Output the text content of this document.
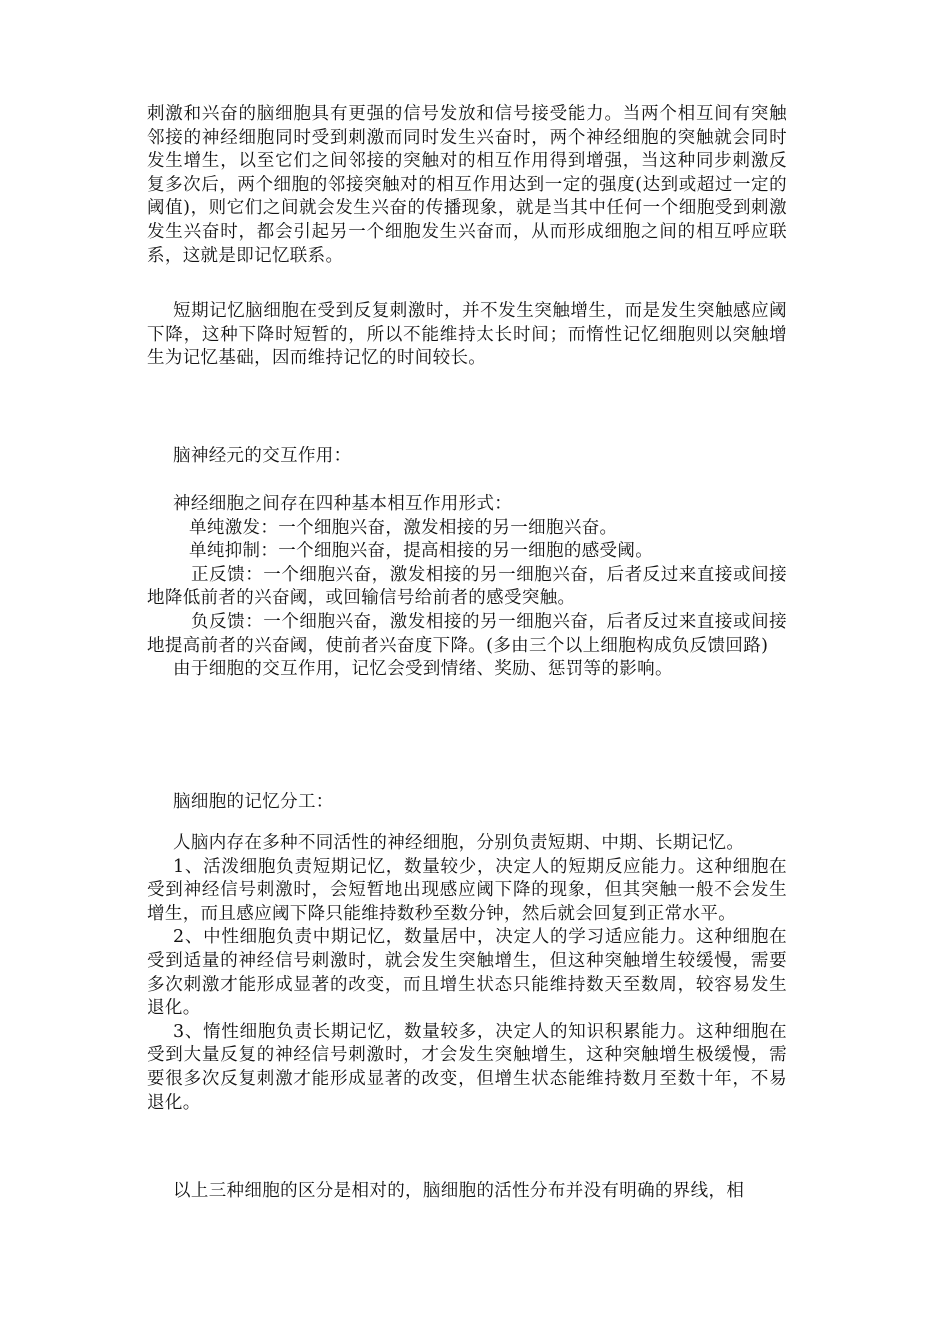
刺激和兴奋的脑细胞具有更强的信号发放和信号接受能力。当两个相互间有突触邻接的神经细胞同时受到刺激而同时发生兴奋时，两个神经细胞的突触就会同时发生增生，以至它们之间邻接的突触对的相互作用得到增强，当这种同步刺激反复多次后，两个细胞的邻接突触对的相互作用达到一定的强度(达到或超过一定的阈值)，则它们之间就会发生兴奋的传播现象，就是当其中任何一个细胞受到刺激发生兴奋时，都会引起另一个细胞发生兴奋而，从而形成细胞之间的相互呼应联系，这就是即记忆联系。

短期记忆脑细胞在受到反复刺激时，并不发生突触增生，而是发生突触感应阈下降，这种下降时短暂的，所以不能维持太长时间；而惰性记忆细胞则以突触增生为记忆基础，因而维持记忆的时间较长。

脑神经元的交互作用：

神经细胞之间存在四种基本相互作用形式：

单纯激发：一个细胞兴奋，激发相接的另一细胞兴奋。

单纯抑制：一个细胞兴奋，提高相接的另一细胞的感受阈。

正反馈：一个细胞兴奋，激发相接的另一细胞兴奋，后者反过来直接或间接地降低前者的兴奋阈，或回输信号给前者的感受突触。

负反馈：一个细胞兴奋，激发相接的另一细胞兴奋，后者反过来直接或间接地提高前者的兴奋阈，使前者兴奋度下降。(多由三个以上细胞构成负反馈回路)

由于细胞的交互作用，记忆会受到情绪、奖励、惩罚等的影响。

脑细胞的记忆分工：

人脑内存在多种不同活性的神经细胞，分别负责短期、中期、长期记忆。

1、活泼细胞负责短期记忆，数量较少，决定人的短期反应能力。这种细胞在受到神经信号刺激时，会短暂地出现感应阈下降的现象，但其突触一般不会发生增生，而且感应阈下降只能维持数秒至数分钟，然后就会回复到正常水平。

2、中性细胞负责中期记忆，数量居中，决定人的学习适应能力。这种细胞在受到适量的神经信号刺激时，就会发生突触增生，但这种突触增生较缓慢，需要多次刺激才能形成显著的改变，而且增生状态只能维持数天至数周，较容易发生退化。

3、惰性细胞负责长期记忆，数量较多，决定人的知识积累能力。这种细胞在受到大量反复的神经信号刺激时，才会发生突触增生，这种突触增生极缓慢，需要很多次反复刺激才能形成显著的改变，但增生状态能维持数月至数十年，不易退化。

以上三种细胞的区分是相对的，脑细胞的活性分布并没有明确的界线，相
